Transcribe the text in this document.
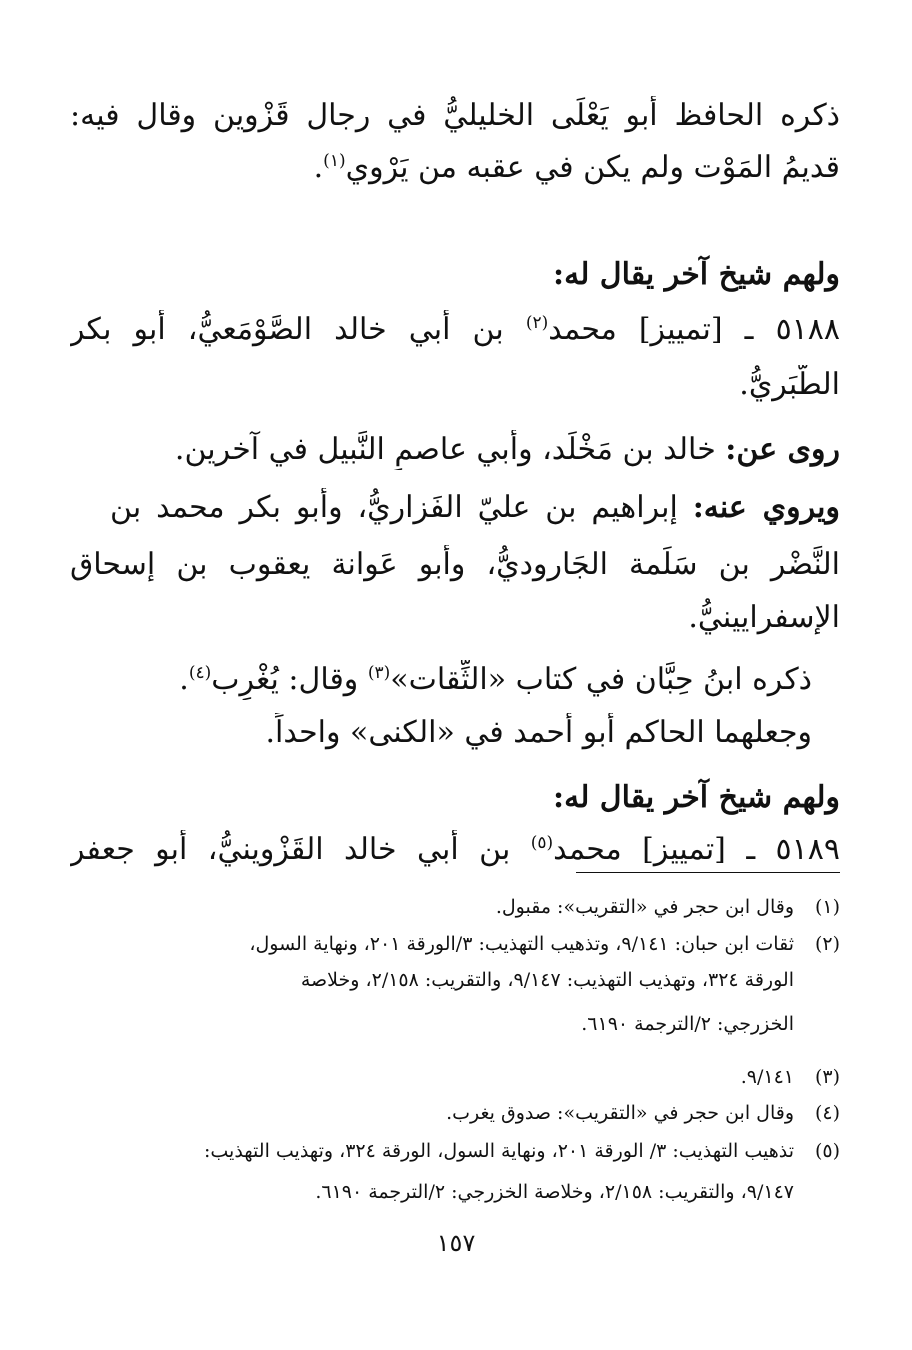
ذكره الحافظ أبو يَعْلَى الخليليُّ في رجال قَزْوين وقال فيه:
قديمُ المَوْت ولم يكن في عقبه من يَرْوي$^{(١)}$.
ولهم شيخ آخر يقال له:
٥١٨٨ ـ [تمييز] محمد$^{(٢)}$ بن أبي خالد الصَّوْمَعيُّ، أبو بكر
الطَّبَريُّ.
روى عن: خالد بن مَخْلَد، وأبي عاصمٍ النَّبيل في آخرين.
ويروي عنه: إبراهيم بن عليّ الفَزاريُّ، وأبو بكر محمد بن
النَّضْر بن سَلَمة الجَاروديُّ، وأبو عَوانة يعقوب بن إسحاق
الإسفرايينيُّ.
ذكره ابنُ حِبَّان في كتاب «الثِّقات»$^{(٣)}$ وقال: يُغْرِب$^{(٤)}$.
وجعلهما الحاكم أبو أحمد في «الكنى» واحداً.
ولهم شيخ آخر يقال له:
٥١٨٩ ـ [تمييز] محمد$^{(٥)}$ بن أبي خالد القَزْوينيُّ، أبو جعفر
(١)وقال ابن حجر في «التقريب»: مقبول.
(٢)ثقات ابن حبان: ٩/١٤١، وتذهيب التهذيب: ٣/الورقة ٢٠١، ونهاية السول،
الورقة ٣٢٤، وتهذيب التهذيب: ٩/١٤٧، والتقريب: ٢/١٥٨، وخلاصة
الخزرجي: ٢/الترجمة ٦١٩٠.
(٣)٩/١٤١.
(٤)وقال ابن حجر في «التقريب»: صدوق يغرب.
(٥)تذهيب التهذيب: ٣/ الورقة ٢٠١، ونهاية السول، الورقة ٣٢٤، وتهذيب التهذيب:
٩/١٤٧، والتقريب: ٢/١٥٨، وخلاصة الخزرجي: ٢/الترجمة ٦١٩٠.
١٥٧
